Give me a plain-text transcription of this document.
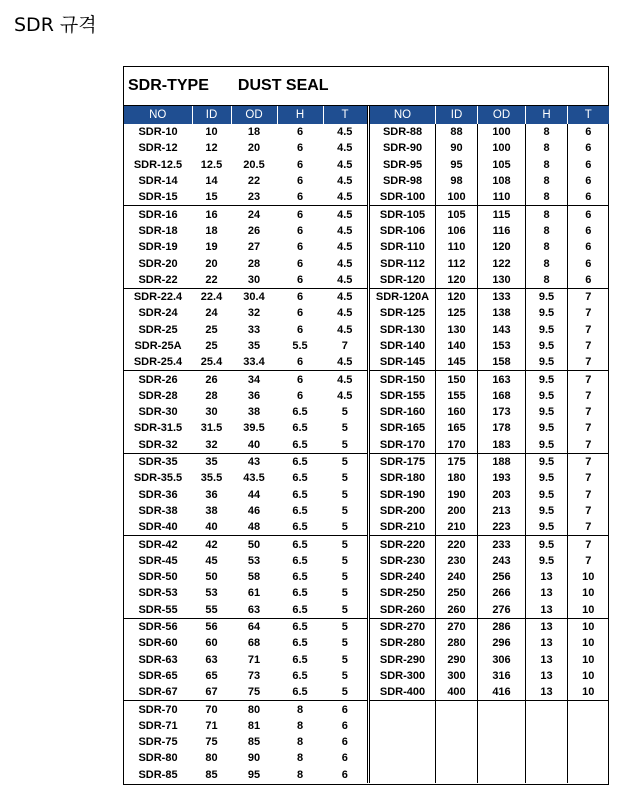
SDR 규격
SDR-TYPE DUST SEAL
NO	ID	OD	H	T
SDR-10	10	18	6	4.5
SDR-12	12	20	6	4.5
SDR-12.5	12.5	20.5	6	4.5
SDR-14	14	22	6	4.5
SDR-15	15	23	6	4.5
SDR-16	16	24	6	4.5
SDR-18	18	26	6	4.5
SDR-19	19	27	6	4.5
SDR-20	20	28	6	4.5
SDR-22	22	30	6	4.5
SDR-22.4	22.4	30.4	6	4.5
SDR-24	24	32	6	4.5
SDR-25	25	33	6	4.5
SDR-25A	25	35	5.5	7
SDR-25.4	25.4	33.4	6	4.5
SDR-26	26	34	6	4.5
SDR-28	28	36	6	4.5
SDR-30	30	38	6.5	5
SDR-31.5	31.5	39.5	6.5	5
SDR-32	32	40	6.5	5
SDR-35	35	43	6.5	5
SDR-35.5	35.5	43.5	6.5	5
SDR-36	36	44	6.5	5
SDR-38	38	46	6.5	5
SDR-40	40	48	6.5	5
SDR-42	42	50	6.5	5
SDR-45	45	53	6.5	5
SDR-50	50	58	6.5	5
SDR-53	53	61	6.5	5
SDR-55	55	63	6.5	5
SDR-56	56	64	6.5	5
SDR-60	60	68	6.5	5
SDR-63	63	71	6.5	5
SDR-65	65	73	6.5	5
SDR-67	67	75	6.5	5
SDR-70	70	80	8	6
SDR-71	71	81	8	6
SDR-75	75	85	8	6
SDR-80	80	90	8	6
SDR-85	85	95	8	6
NO	ID	OD	H	T
SDR-88	88	100	8	6
SDR-90	90	100	8	6
SDR-95	95	105	8	6
SDR-98	98	108	8	6
SDR-100	100	110	8	6
SDR-105	105	115	8	6
SDR-106	106	116	8	6
SDR-110	110	120	8	6
SDR-112	112	122	8	6
SDR-120	120	130	8	6
SDR-120A	120	133	9.5	7
SDR-125	125	138	9.5	7
SDR-130	130	143	9.5	7
SDR-140	140	153	9.5	7
SDR-145	145	158	9.5	7
SDR-150	150	163	9.5	7
SDR-155	155	168	9.5	7
SDR-160	160	173	9.5	7
SDR-165	165	178	9.5	7
SDR-170	170	183	9.5	7
SDR-175	175	188	9.5	7
SDR-180	180	193	9.5	7
SDR-190	190	203	9.5	7
SDR-200	200	213	9.5	7
SDR-210	210	223	9.5	7
SDR-220	220	233	9.5	7
SDR-230	230	243	9.5	7
SDR-240	240	256	13	10
SDR-250	250	266	13	10
SDR-260	260	276	13	10
SDR-270	270	286	13	10
SDR-280	280	296	13	10
SDR-290	290	306	13	10
SDR-300	300	316	13	10
SDR-400	400	416	13	10
